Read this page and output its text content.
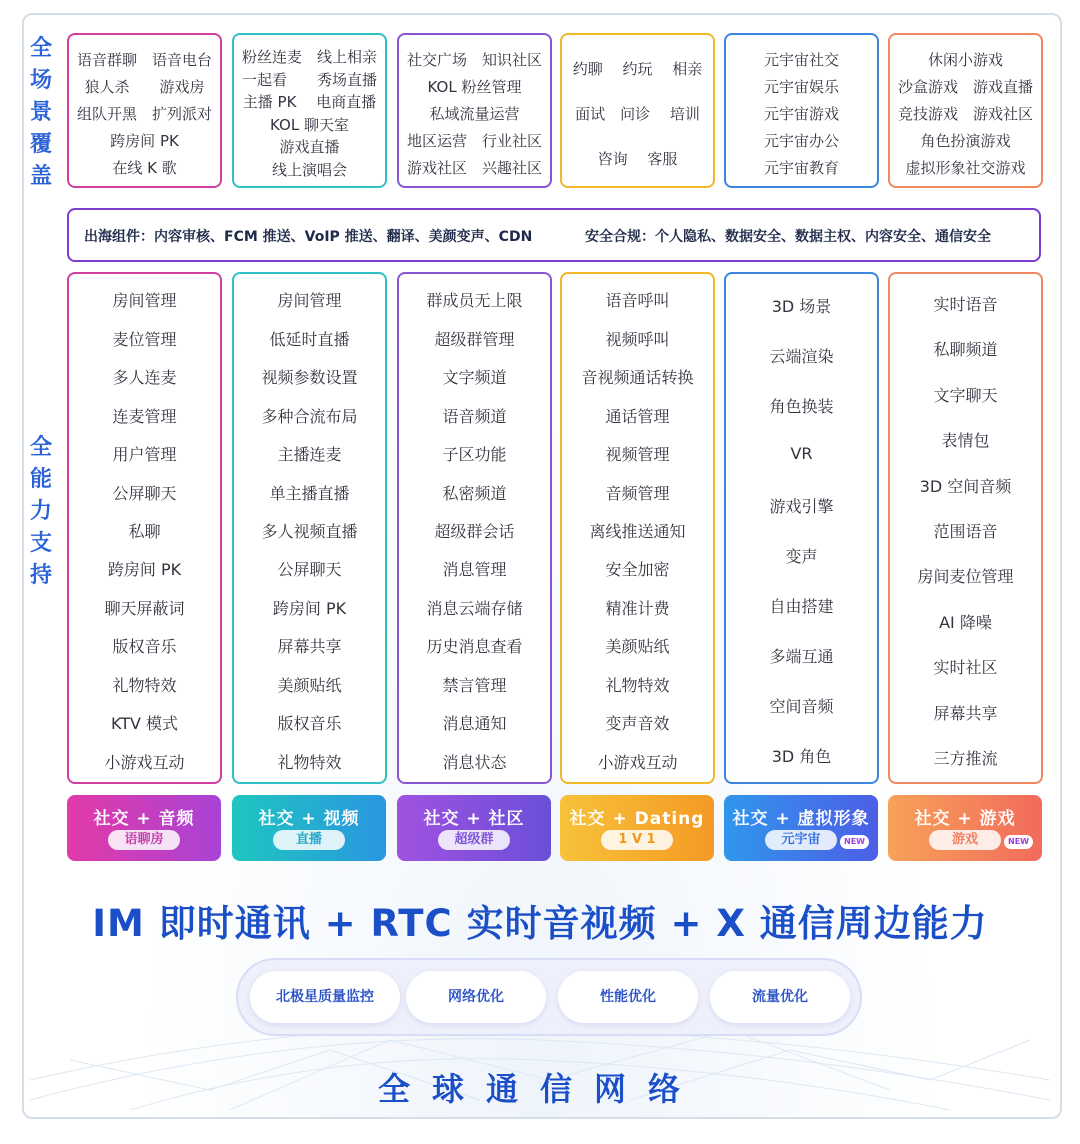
全
场
景
覆
盖
全
能
力
支
持
语音群聊　语音电台
狼人杀　　游戏房
组队开黑　扩列派对
跨房间 PK
在线 K 歌
粉丝连麦　线上相亲
一起看　　秀场直播
主播 PK　 电商直播
KOL 聊天室
游戏直播
线上演唱会
社交广场　知识社区
KOL 粉丝管理
私域流量运营
地区运营　行业社区
游戏社区　兴趣社区
约聊　 约玩　 相亲
面试　问诊　 培训
咨询　 客服
元宇宙社交
元宇宙娱乐
元宇宙游戏
元宇宙办公
元宇宙教育
休闲小游戏
沙盒游戏　游戏直播
竞技游戏　游戏社区
角色扮演游戏
虚拟形象社交游戏
出海组件：内容审核、FCM 推送、VoIP 推送、翻译、美颜变声、CDN	安全合规：个人隐私、数据安全、数据主权、内容安全、通信安全
房间管理
麦位管理
多人连麦
连麦管理
用户管理
公屏聊天
私聊
跨房间 PK
聊天屏蔽词
版权音乐
礼物特效
KTV 模式
小游戏互动
房间管理
低延时直播
视频参数设置
多种合流布局
主播连麦
单主播直播
多人视频直播
公屏聊天
跨房间 PK
屏幕共享
美颜贴纸
版权音乐
礼物特效
群成员无上限
超级群管理
文字频道
语音频道
子区功能
私密频道
超级群会话
消息管理
消息云端存储
历史消息查看
禁言管理
消息通知
消息状态
语音呼叫
视频呼叫
音视频通话转换
通话管理
视频管理
音频管理
离线推送通知
安全加密
精准计费
美颜贴纸
礼物特效
变声音效
小游戏互动
3D 场景
云端渲染
角色换装
VR
游戏引擎
变声
自由搭建
多端互通
空间音频
3D 角色
实时语音
私聊频道
文字聊天
表情包
3D 空间音频
范围语音
房间麦位管理
AI 降噪
实时社区
屏幕共享
三方推流
社交 + 音频
语聊房
社交 + 视频
直播
社交 + 社区
超级群
社交 + Dating
1 V 1
社交 + 虚拟形象
元宇宙	NEW
社交 + 游戏
游戏	NEW
IM 即时通讯 + RTC 实时音视频 + X 通信周边能力
北极星质量监控	网络优化	性能优化	流量优化
全球通信网络
